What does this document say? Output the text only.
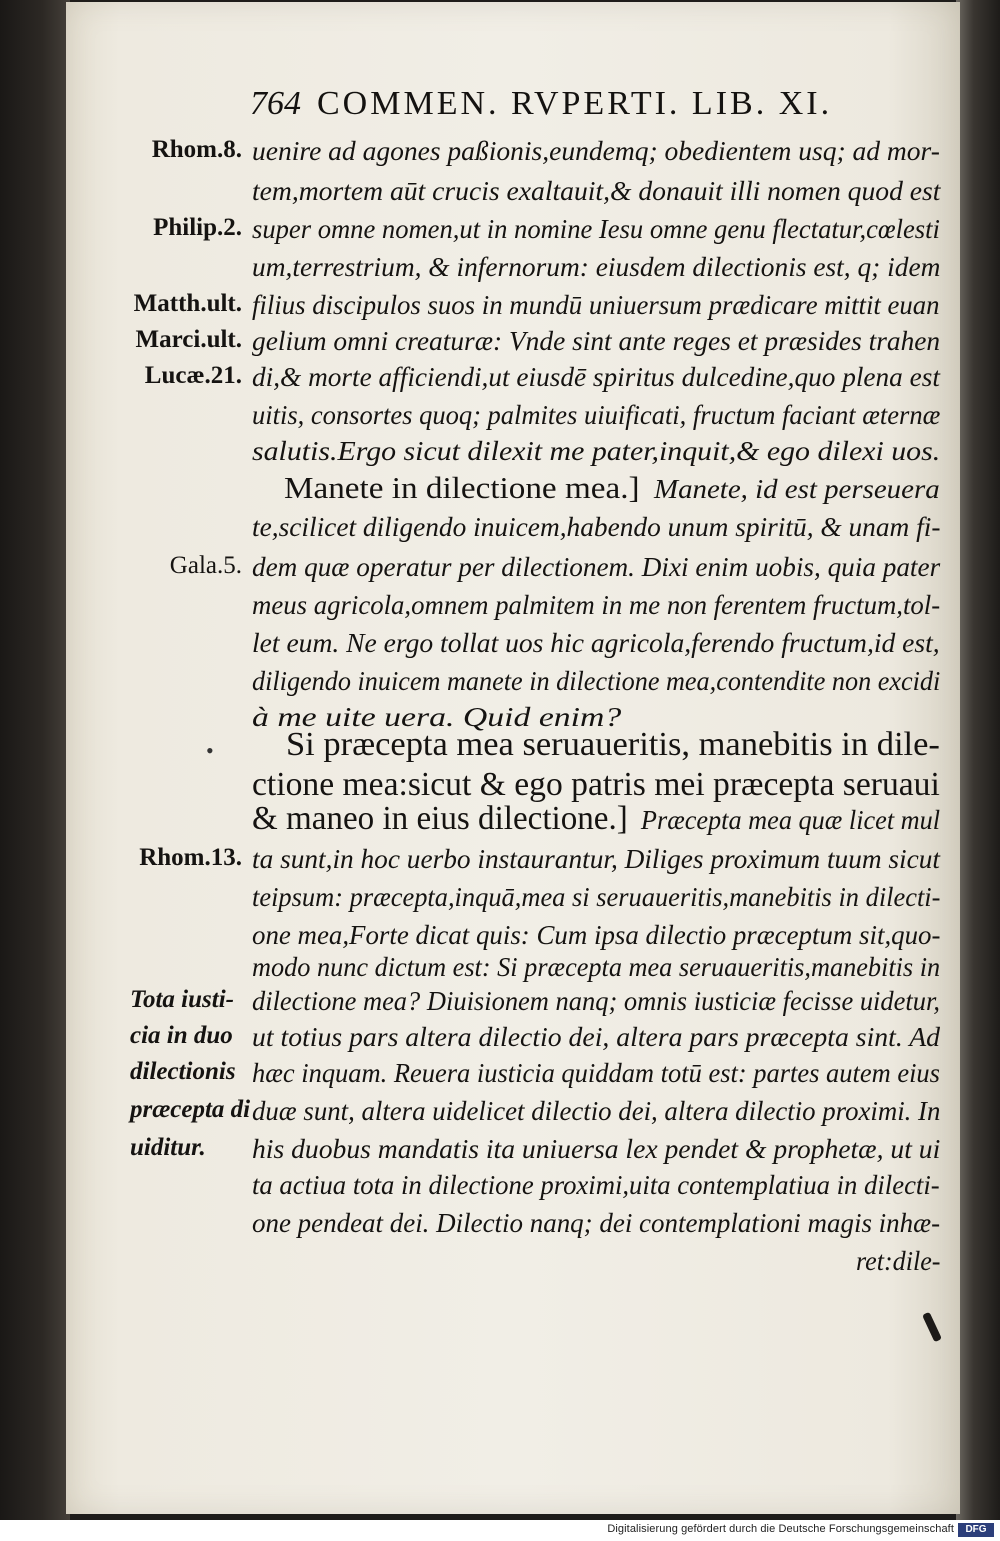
764 COMMEN. RVPERTI. LIB. XI.
Rhom.8.
Philip.2.
Matth.ult.
Marci.ult.
Lucæ.21.
Gala.5.
Rhom.13.
Tota iusti-
cia in duo
dilectionis
præcepta di
uiditur.
uenire ad agones paßionis,eundemq; obedientem usq; ad mor-
tem,mortem aūt crucis exaltauit,& donauit illi nomen quod est
super omne nomen,ut in nomine Iesu omne genu flectatur,cœlesti
um,terrestrium, & infernorum: eiusdem dilectionis est, q; idem
filius discipulos suos in mundū uniuersum prædicare mittit euan
gelium omni creaturæ: Vnde sint ante reges et præsides trahen
di,& morte afficiendi,ut eiusdē spiritus dulcedine,quo plena est
uitis, consortes quoq; palmites uiuificati, fructum faciant æternæ
salutis.Ergo sicut dilexit me pater,inquit,& ego dilexi uos.
Manete in dilectione mea.] Manete, id est perseuera
te,scilicet diligendo inuicem,habendo unum spiritū, & unam fi-
dem quæ operatur per dilectionem. Dixi enim uobis, quia pater
meus agricola,omnem palmitem in me non ferentem fructum,tol-
let eum. Ne ergo tollat uos hic agricola,ferendo fructum,id est,
diligendo inuicem manete in dilectione mea,contendite non excidi
à me uite uera. Quid enim?
• Si præcepta mea seruaueritis, manebitis in dile-
ctione mea:sicut & ego patris mei præcepta seruaui
& maneo in eius dilectione.] Præcepta mea quæ licet mul
ta sunt,in hoc uerbo instaurantur, Diliges proximum tuum sicut
teipsum: præcepta,inquā,mea si seruaueritis,manebitis in dilecti-
one mea,Forte dicat quis: Cum ipsa dilectio præceptum sit,quo-
modo nunc dictum est: Si præcepta mea seruaueritis,manebitis in
dilectione mea? Diuisionem nanq; omnis iusticiæ fecisse uidetur,
ut totius pars altera dilectio dei, altera pars præcepta sint. Ad
hæc inquam. Reuera iusticia quiddam totū est: partes autem eius
duæ sunt, altera uidelicet dilectio dei, altera dilectio proximi. In
his duobus mandatis ita uniuersa lex pendet & prophetæ, ut ui
ta actiua tota in dilectione proximi,uita contemplatiua in dilecti-
one pendeat dei. Dilectio nanq; dei contemplationi magis inhæ-
ret:dile-
Digitalisierung gefördert durch die Deutsche Forschungsgemeinschaft	DFG
